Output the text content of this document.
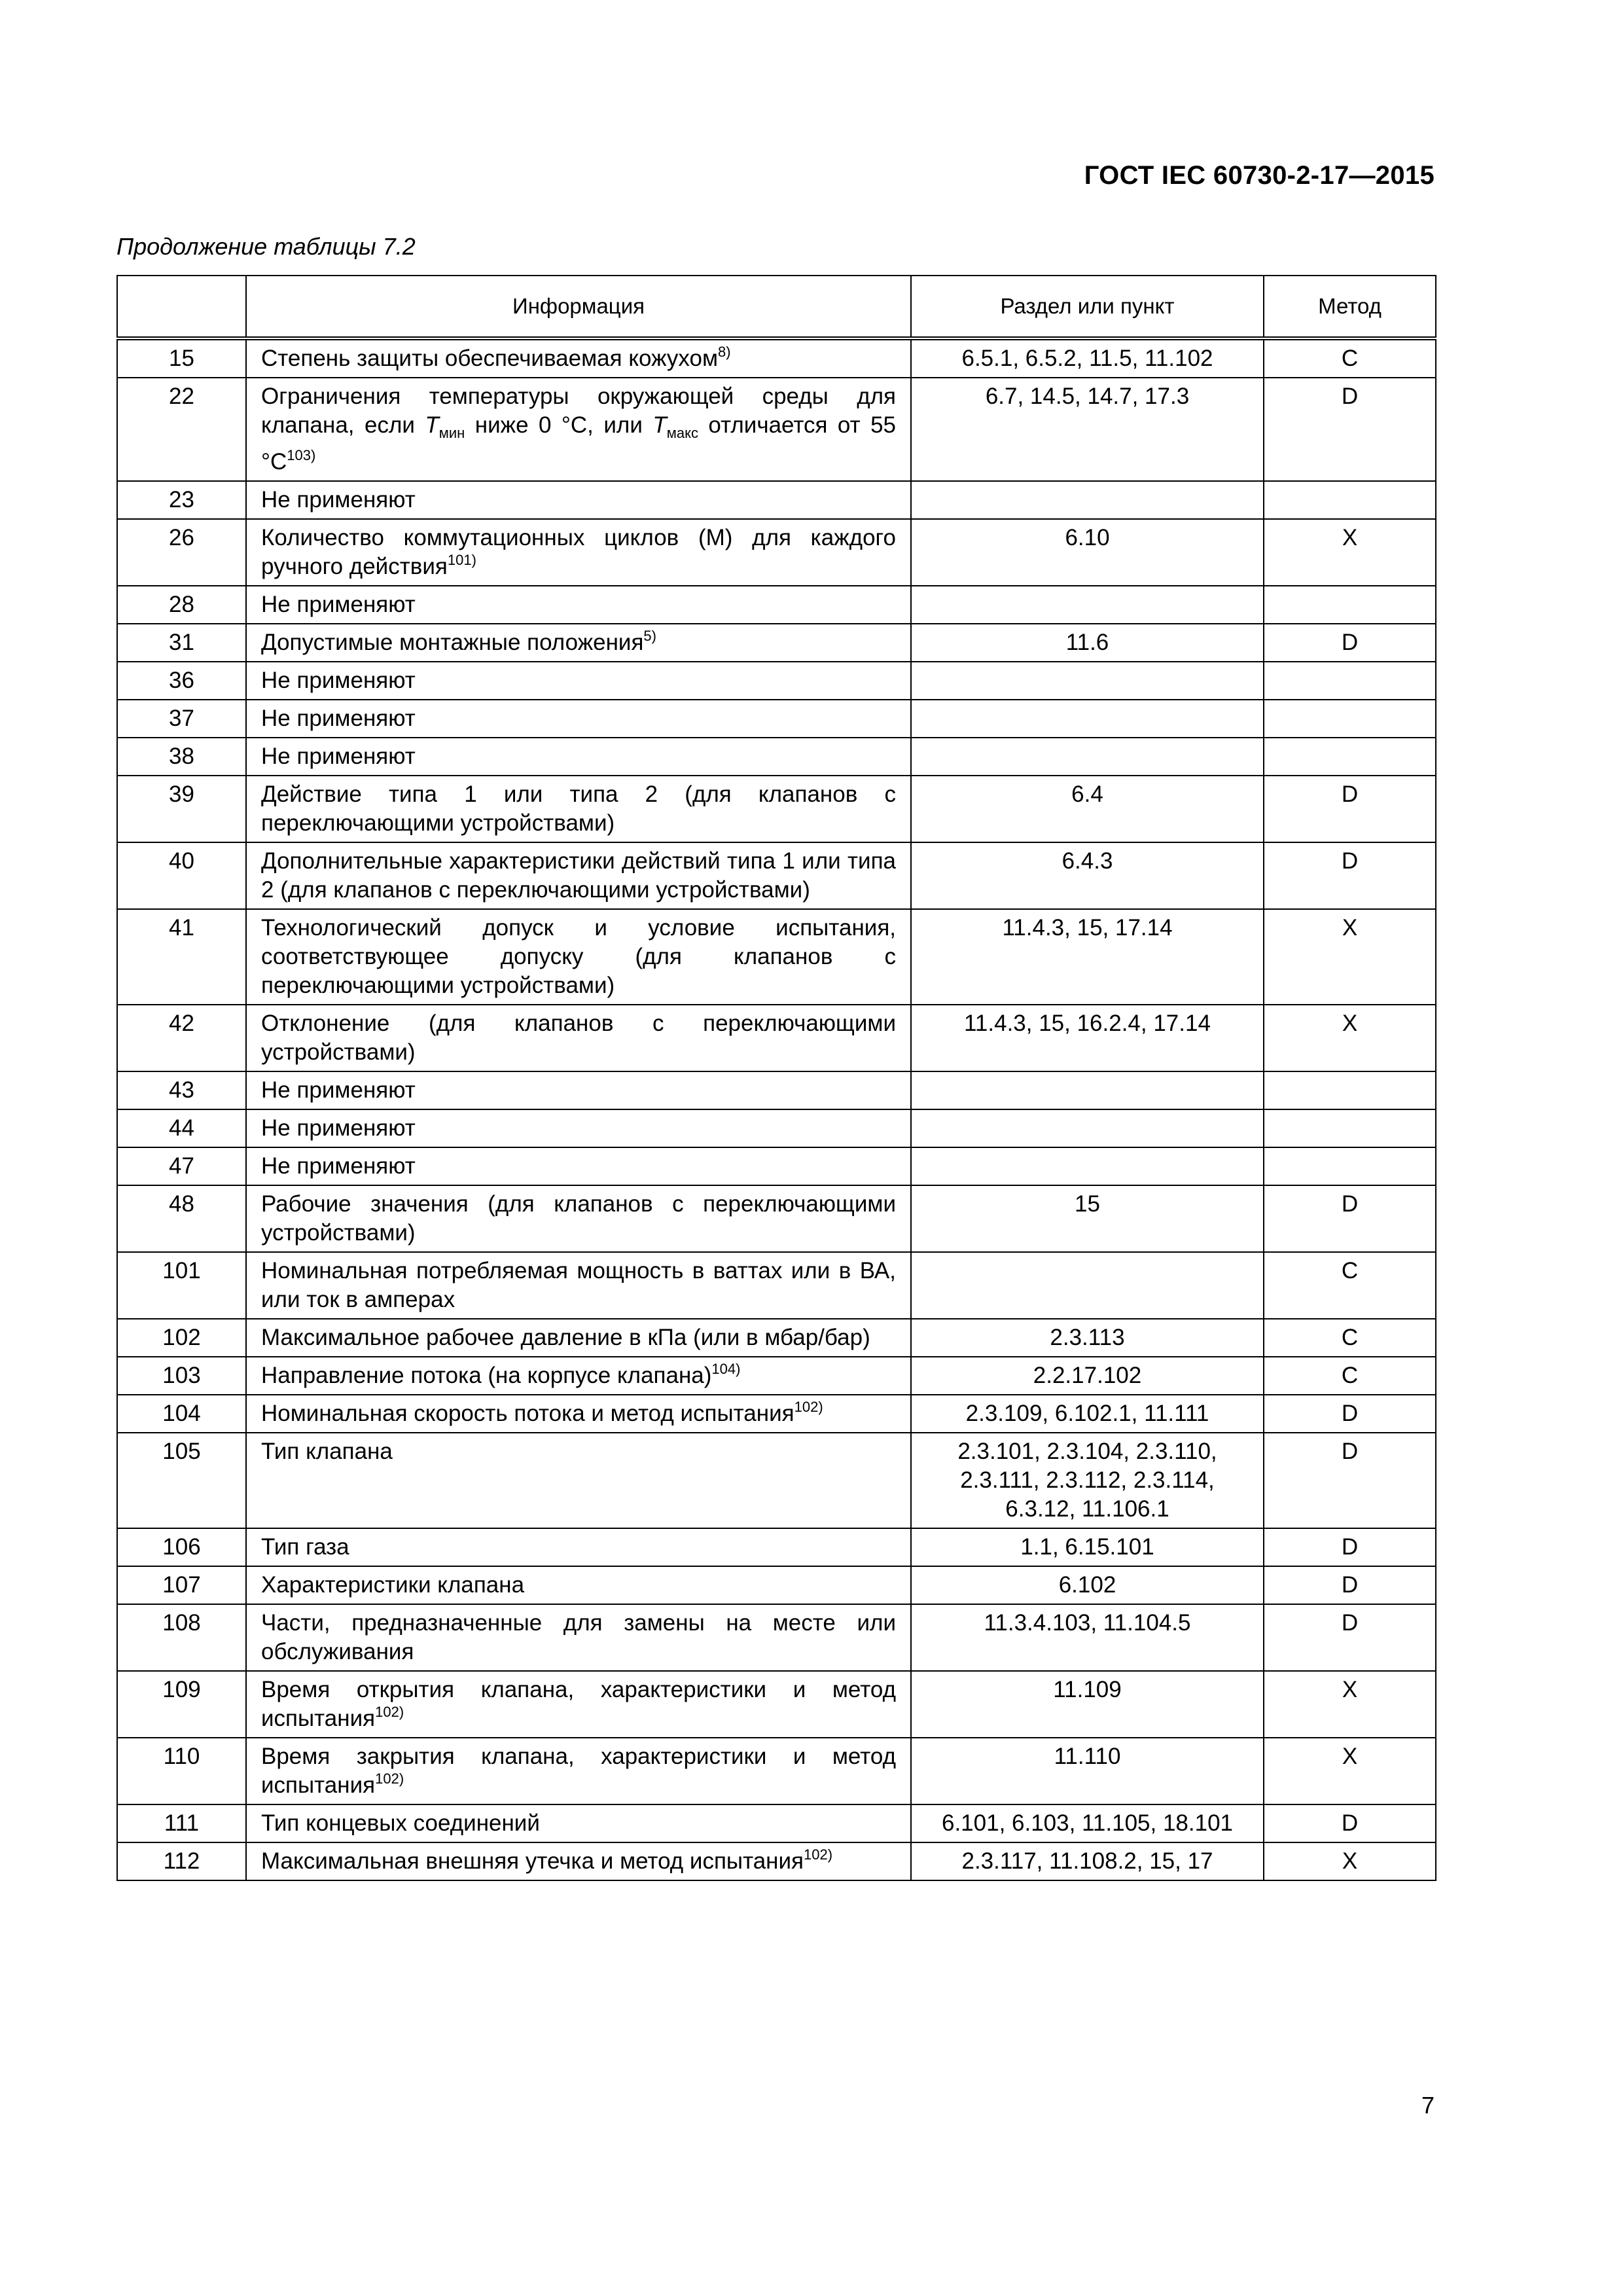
ГОСТ IEC 60730-2-17—2015
Продолжение таблицы 7.2
	Информация	Раздел или пункт	Метод
15	Степень защиты обеспечиваемая кожухом$^{8)}$	6.5.1, 6.5.2, 11.5, 11.102	C
22	Ограничения температуры окружающей среды для клапана, если $T_{мин}$ ниже 0 °C, или $T_{макс}$ отличается от 55 $^\circ C^{103)}$	6.7, 14.5, 14.7, 17.3	D
23	Не применяют		
26	Количество коммутационных циклов (M) для каждого ручного действия$^{101)}$	6.10	X
28	Не применяют		
31	Допустимые монтажные положения$^{5)}$	11.6	D
36	Не применяют		
37	Не применяют		
38	Не применяют		
39	Действие типа 1 или типа 2 (для клапанов с переключающими устройствами)	6.4	D
40	Дополнительные характеристики действий типа 1 или типа 2 (для клапанов с переключающими устройствами)	6.4.3	D
41	Технологический допуск и условие испытания, соответствующее допуску (для клапанов с переключающими устройствами)	11.4.3, 15, 17.14	X
42	Отклонение (для клапанов с переключающими устройствами)	11.4.3, 15, 16.2.4, 17.14	X
43	Не применяют		
44	Не применяют		
47	Не применяют		
48	Рабочие значения (для клапанов с переключающими устройствами)	15	D
101	Номинальная потребляемая мощность в ваттах или в ВА, или ток в амперах		C
102	Максимальное рабочее давление в кПа (или в мбар/бар)	2.3.113	C
103	Направление потока (на корпусе клапана)$^{104)}$	2.2.17.102	C
104	Номинальная скорость потока и метод испытания$^{102)}$	2.3.109, 6.102.1, 11.111	D
105	Тип клапана	2.3.101, 2.3.104, 2.3.110, 2.3.111, 2.3.112, 2.3.114, 6.3.12, 11.106.1	D
106	Тип газа	1.1, 6.15.101	D
107	Характеристики клапана	6.102	D
108	Части, предназначенные для замены на месте или обслуживания	11.3.4.103, 11.104.5	D
109	Время открытия клапана, характеристики и метод испытания$^{102)}$	11.109	X
110	Время закрытия клапана, характеристики и метод испытания$^{102)}$	11.110	X
111	Тип концевых соединений	6.101, 6.103, 11.105, 18.101	D
112	Максимальная внешняя утечка и метод испытания$^{102)}$	2.3.117, 11.108.2, 15, 17	X
7
